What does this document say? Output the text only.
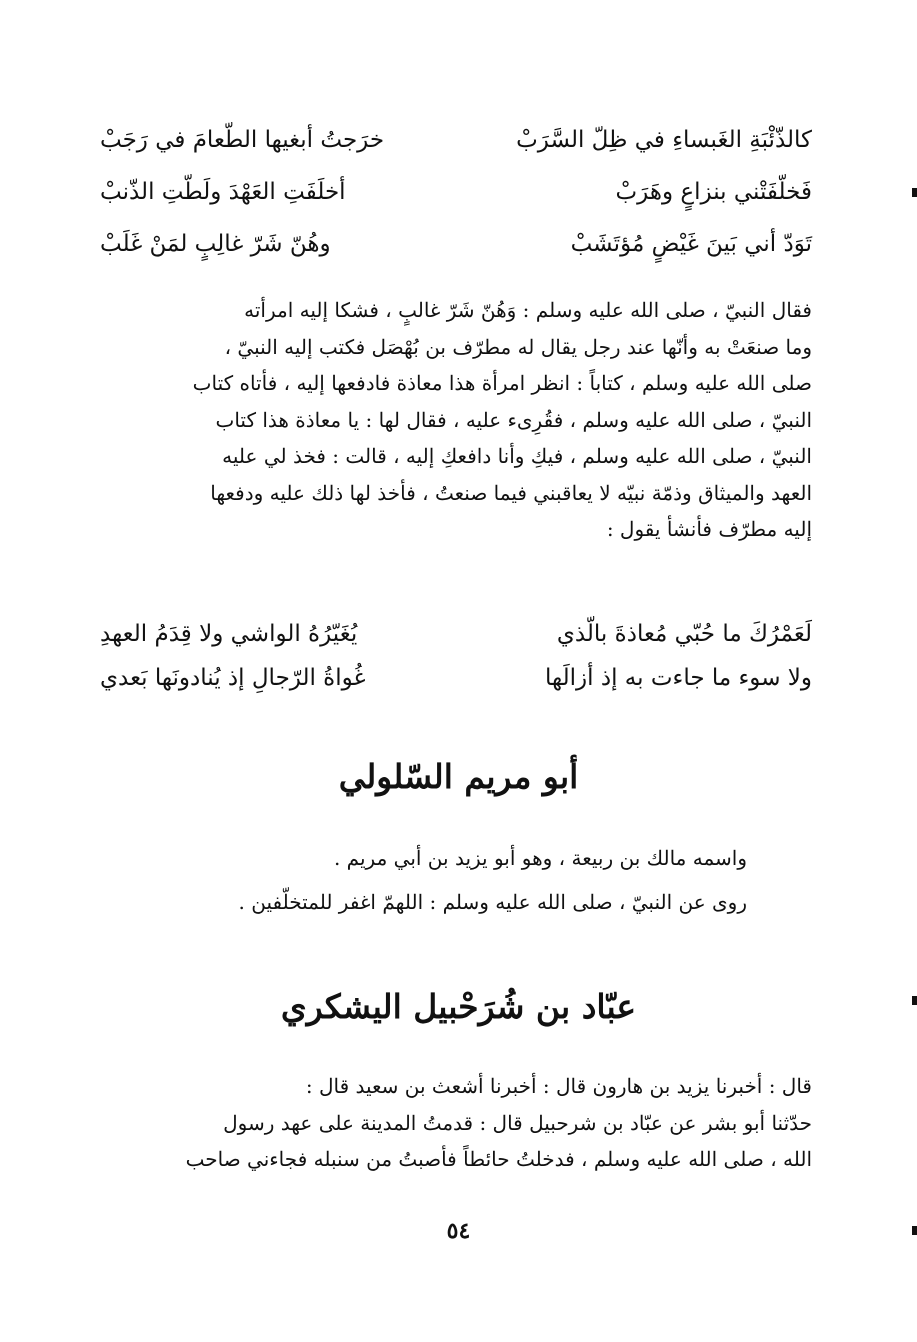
كالذّئْبَةِ الغَبساءِ في ظِلّ السَّرَبْ
خرَجتُ أبغيها الطّعامَ في رَجَبْ
فَخلّفَتْني بنزاعٍ وهَرَبْ
أخلَفَتِ العَهْدَ ولَطّتِ الذّنبْ
تَوَدّ أني بَينَ غَيْضٍ مُؤتَشَبْ
وهُنّ شَرّ غالِبٍ لمَنْ غَلَبْ

فقال النبيّ ، صلى الله عليه وسلم : وَهُنّ شَرّ غالبٍ ، فشكا إليه امرأته

وما صنعَتْ به وأنّها عند رجل يقال له مطرّف بن بُهْصَل فكتب إليه النبيّ ،

صلى الله عليه وسلم ، كتاباً : انظر امرأة هذا معاذة فادفعها إليه ، فأتاه كتاب

النبيّ ، صلى الله عليه وسلم ، فقُرِىء عليه ، فقال لها : يا معاذة هذا كتاب

النبيّ ، صلى الله عليه وسلم ، فيكِ وأنا دافعكِ إليه ، قالت : فخذ لي عليه

العهد والميثاق وذمّة نبيّه لا يعاقبني فيما صنعتُ ، فأخذ لها ذلك عليه ودفعها

إليه مطرّف فأنشأ يقول :

لَعَمْرُكَ ما حُبّي مُعاذةَ بالّذي
يُغَيّرُهُ الواشي ولا قِدَمُ العهدِ
ولا سوء ما جاءت به إذ أزالَها
غُواةُ الرّجالِ إذ يُنادونَها بَعدي
أبو مريم السّلولي
واسمه مالك بن ربيعة ، وهو أبو يزيد بن أبي مريم .
روى عن النبيّ ، صلى الله عليه وسلم : اللهمّ اغفر للمتخلّفين .
عبّاد بن شُرَحْبيل اليشكري

قال : أخبرنا يزيد بن هارون قال : أخبرنا أشعث بن سعيد قال :

حدّثنا أبو بشر عن عبّاد بن شرحبيل قال : قدمتُ المدينة على عهد رسول

الله ، صلى الله عليه وسلم ، فدخلتُ حائطاً فأصبتُ من سنبله فجاءني صاحب

٥٤
